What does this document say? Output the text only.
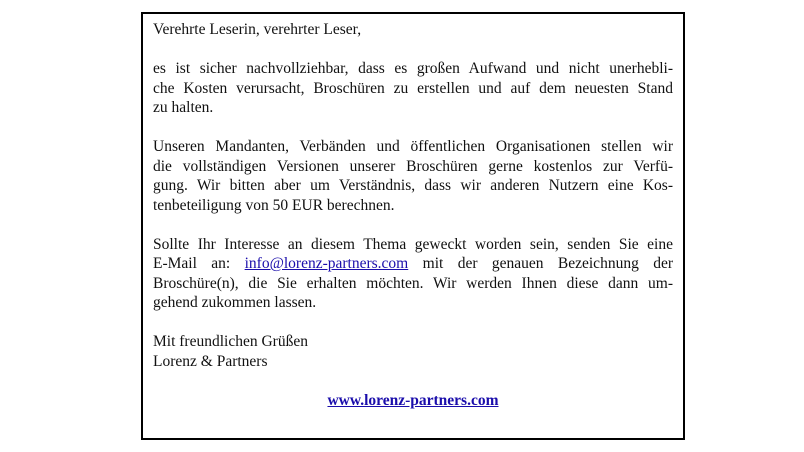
Verehrte Leserin, verehrter Leser,
es ist sicher nachvollziehbar, dass es großen Aufwand und nicht unerhebli-
che Kosten verursacht, Broschüren zu erstellen und auf dem neuesten Stand
zu halten.
Unseren Mandanten, Verbänden und öffentlichen Organisationen stellen wir
die vollständigen Versionen unserer Broschüren gerne kostenlos zur Verfü-
gung. Wir bitten aber um Verständnis, dass wir anderen Nutzern eine Kos-
tenbeteiligung von 50 EUR berechnen.
Sollte Ihr Interesse an diesem Thema geweckt worden sein, senden Sie eine
E-Mail an: info@lorenz-partners.com mit der genauen Bezeichnung der
Broschüre(n), die Sie erhalten möchten. Wir werden Ihnen diese dann um-
gehend zukommen lassen.
Mit freundlichen Grüßen
Lorenz & Partners
www.lorenz-partners.com
